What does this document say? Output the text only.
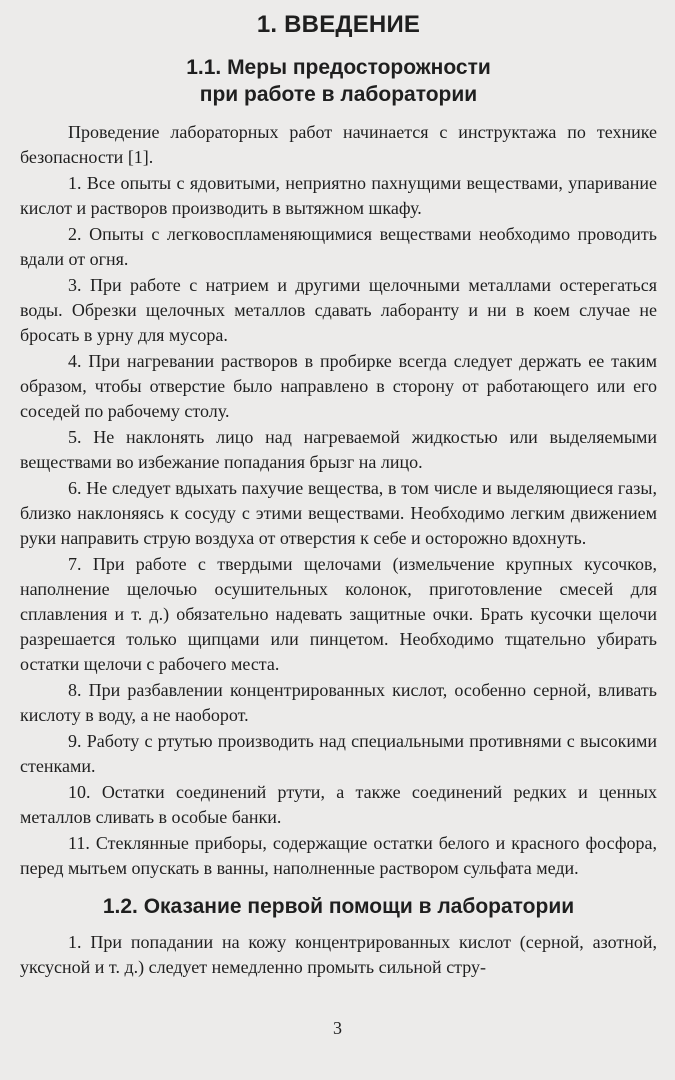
1. ВВЕДЕНИЕ
1.1. Меры предосторожности
при работе в лаборатории

Проведение лабораторных работ начинается с инструктажа по технике безопасности [1].

1. Все опыты с ядовитыми, неприятно пахнущими веществами, упаривание кислот и растворов производить в вытяжном шкафу.

2. Опыты с легковоспламеняющимися веществами необходимо проводить вдали от огня.

3. При работе с натрием и другими щелочными металлами остерегаться воды. Обрезки щелочных металлов сдавать лаборанту и ни в коем случае не бросать в урну для мусора.

4. При нагревании растворов в пробирке всегда следует держать ее таким образом, чтобы отверстие было направлено в сторону от работающего или его соседей по рабочему столу.

5. Не наклонять лицо над нагреваемой жидкостью или выделяемыми веществами во избежание попадания брызг на лицо.

6. Не следует вдыхать пахучие вещества, в том числе и выделяющиеся газы, близко наклоняясь к сосуду с этими веществами. Необходимо легким движением руки направить струю воздуха от отверстия к себе и осторожно вдохнуть.

7. При работе с твердыми щелочами (измельчение крупных кусочков, наполнение щелочью осушительных колонок, приготовление смесей для сплавления и т. д.) обязательно надевать защитные очки. Брать кусочки щелочи разрешается только щипцами или пинцетом. Необходимо тщательно убирать остатки щелочи с рабочего места.

8. При разбавлении концентрированных кислот, особенно серной, вливать кислоту в воду, а не наоборот.

9. Работу с ртутью производить над специальными противнями с высокими стенками.

10. Остатки соединений ртути, а также соединений редких и ценных металлов сливать в особые банки.

11. Стеклянные приборы, содержащие остатки белого и красного фосфора, перед мытьем опускать в ванны, наполненные раствором сульфата меди.

1.2. Оказание первой помощи в лаборатории

1. При попадании на кожу концентрированных кислот (серной, азотной, уксусной и т. д.) следует немедленно промыть сильной стру-

3
